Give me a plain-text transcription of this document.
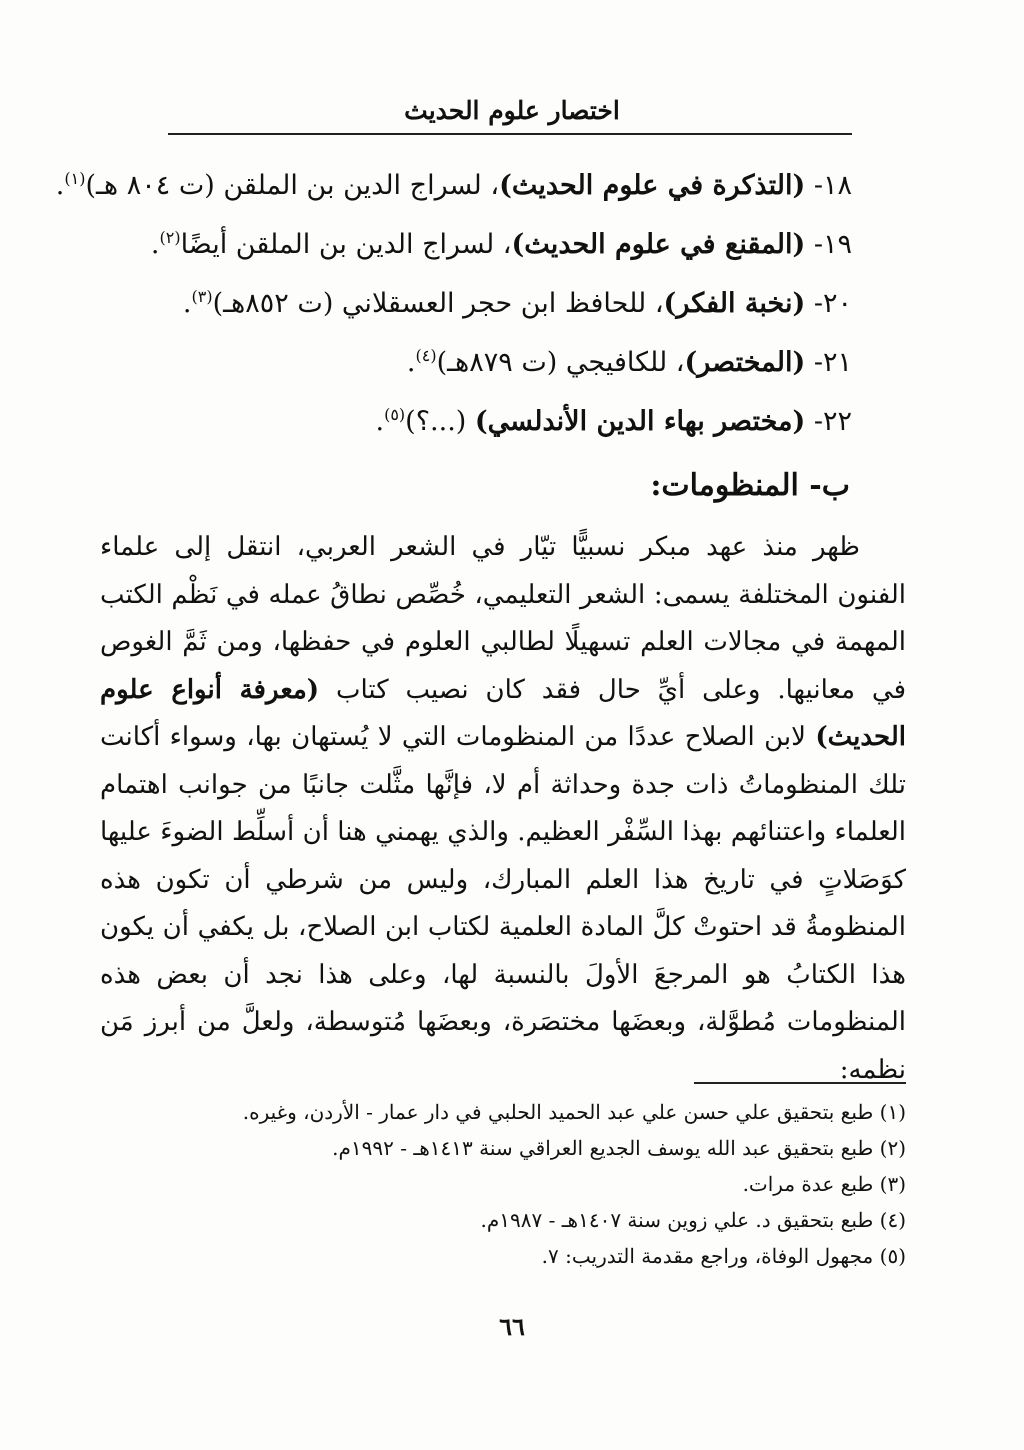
اختصار علوم الحديث
١٨- (التذكرة في علوم الحديث)، لسراج الدين بن الملقن (ت ٨٠٤ هـ)$^{(١)}$.
١٩- (المقنع في علوم الحديث)، لسراج الدين بن الملقن أيضًا$^{(٢)}$.
٢٠- (نخبة الفكر)، للحافظ ابن حجر العسقلاني (ت ٨٥٢هـ)$^{(٣)}$.
٢١- (المختصر)، للكافيجي (ت ٨٧٩هـ)$^{(٤)}$.
٢٢- (مختصر بهاء الدين الأندلسي) (...؟)$^{(٥)}$.
ب- المنظومات:

ظهر منذ عهد مبكر نسبيًّا تيّار في الشعر العربي، انتقل إلى علماء الفنون المختلفة يسمى: الشعر التعليمي، خُصِّص نطاقُ عمله في نَظْم الكتب المهمة في مجالات العلم تسهيلًا لطالبي العلوم في حفظها، ومن ثَمَّ الغوص في معانيها. وعلى أيِّ حال فقد كان نصيب كتاب (معرفة أنواع علوم الحديث) لابن الصلاح عددًا من المنظومات التي لا يُستهان بها، وسواء أكانت تلك المنظوماتُ ذات جدة وحداثة أم لا، فإنَّها مثَّلت جانبًا من جوانب اهتمام العلماء واعتنائهم بهذا السِّفْر العظيم. والذي يهمني هنا أن أسلِّط الضوءَ عليها كوَصَلاتٍ في تاريخ هذا العلم المبارك، وليس من شرطي أن تكون هذه المنظومةُ قد احتوتْ كلَّ المادة العلمية لكتاب ابن الصلاح، بل يكفي أن يكون هذا الكتابُ هو المرجعَ الأولَ بالنسبة لها، وعلى هذا نجد أن بعض هذه المنظومات مُطوَّلة، وبعضَها مختصَرة، وبعضَها مُتوسطة، ولعلَّ من أبرز مَن نظمه:

(١) طبع بتحقيق علي حسن علي عبد الحميد الحلبي في دار عمار - الأردن، وغيره.
(٢) طبع بتحقيق عبد الله يوسف الجديع العراقي سنة ١٤١٣هـ - ١٩٩٢م.
(٣) طبع عدة مرات.
(٤) طبع بتحقيق د. علي زوين سنة ١٤٠٧هـ - ١٩٨٧م.
(٥) مجهول الوفاة، وراجع مقدمة التدريب: ٧.
٦٦
